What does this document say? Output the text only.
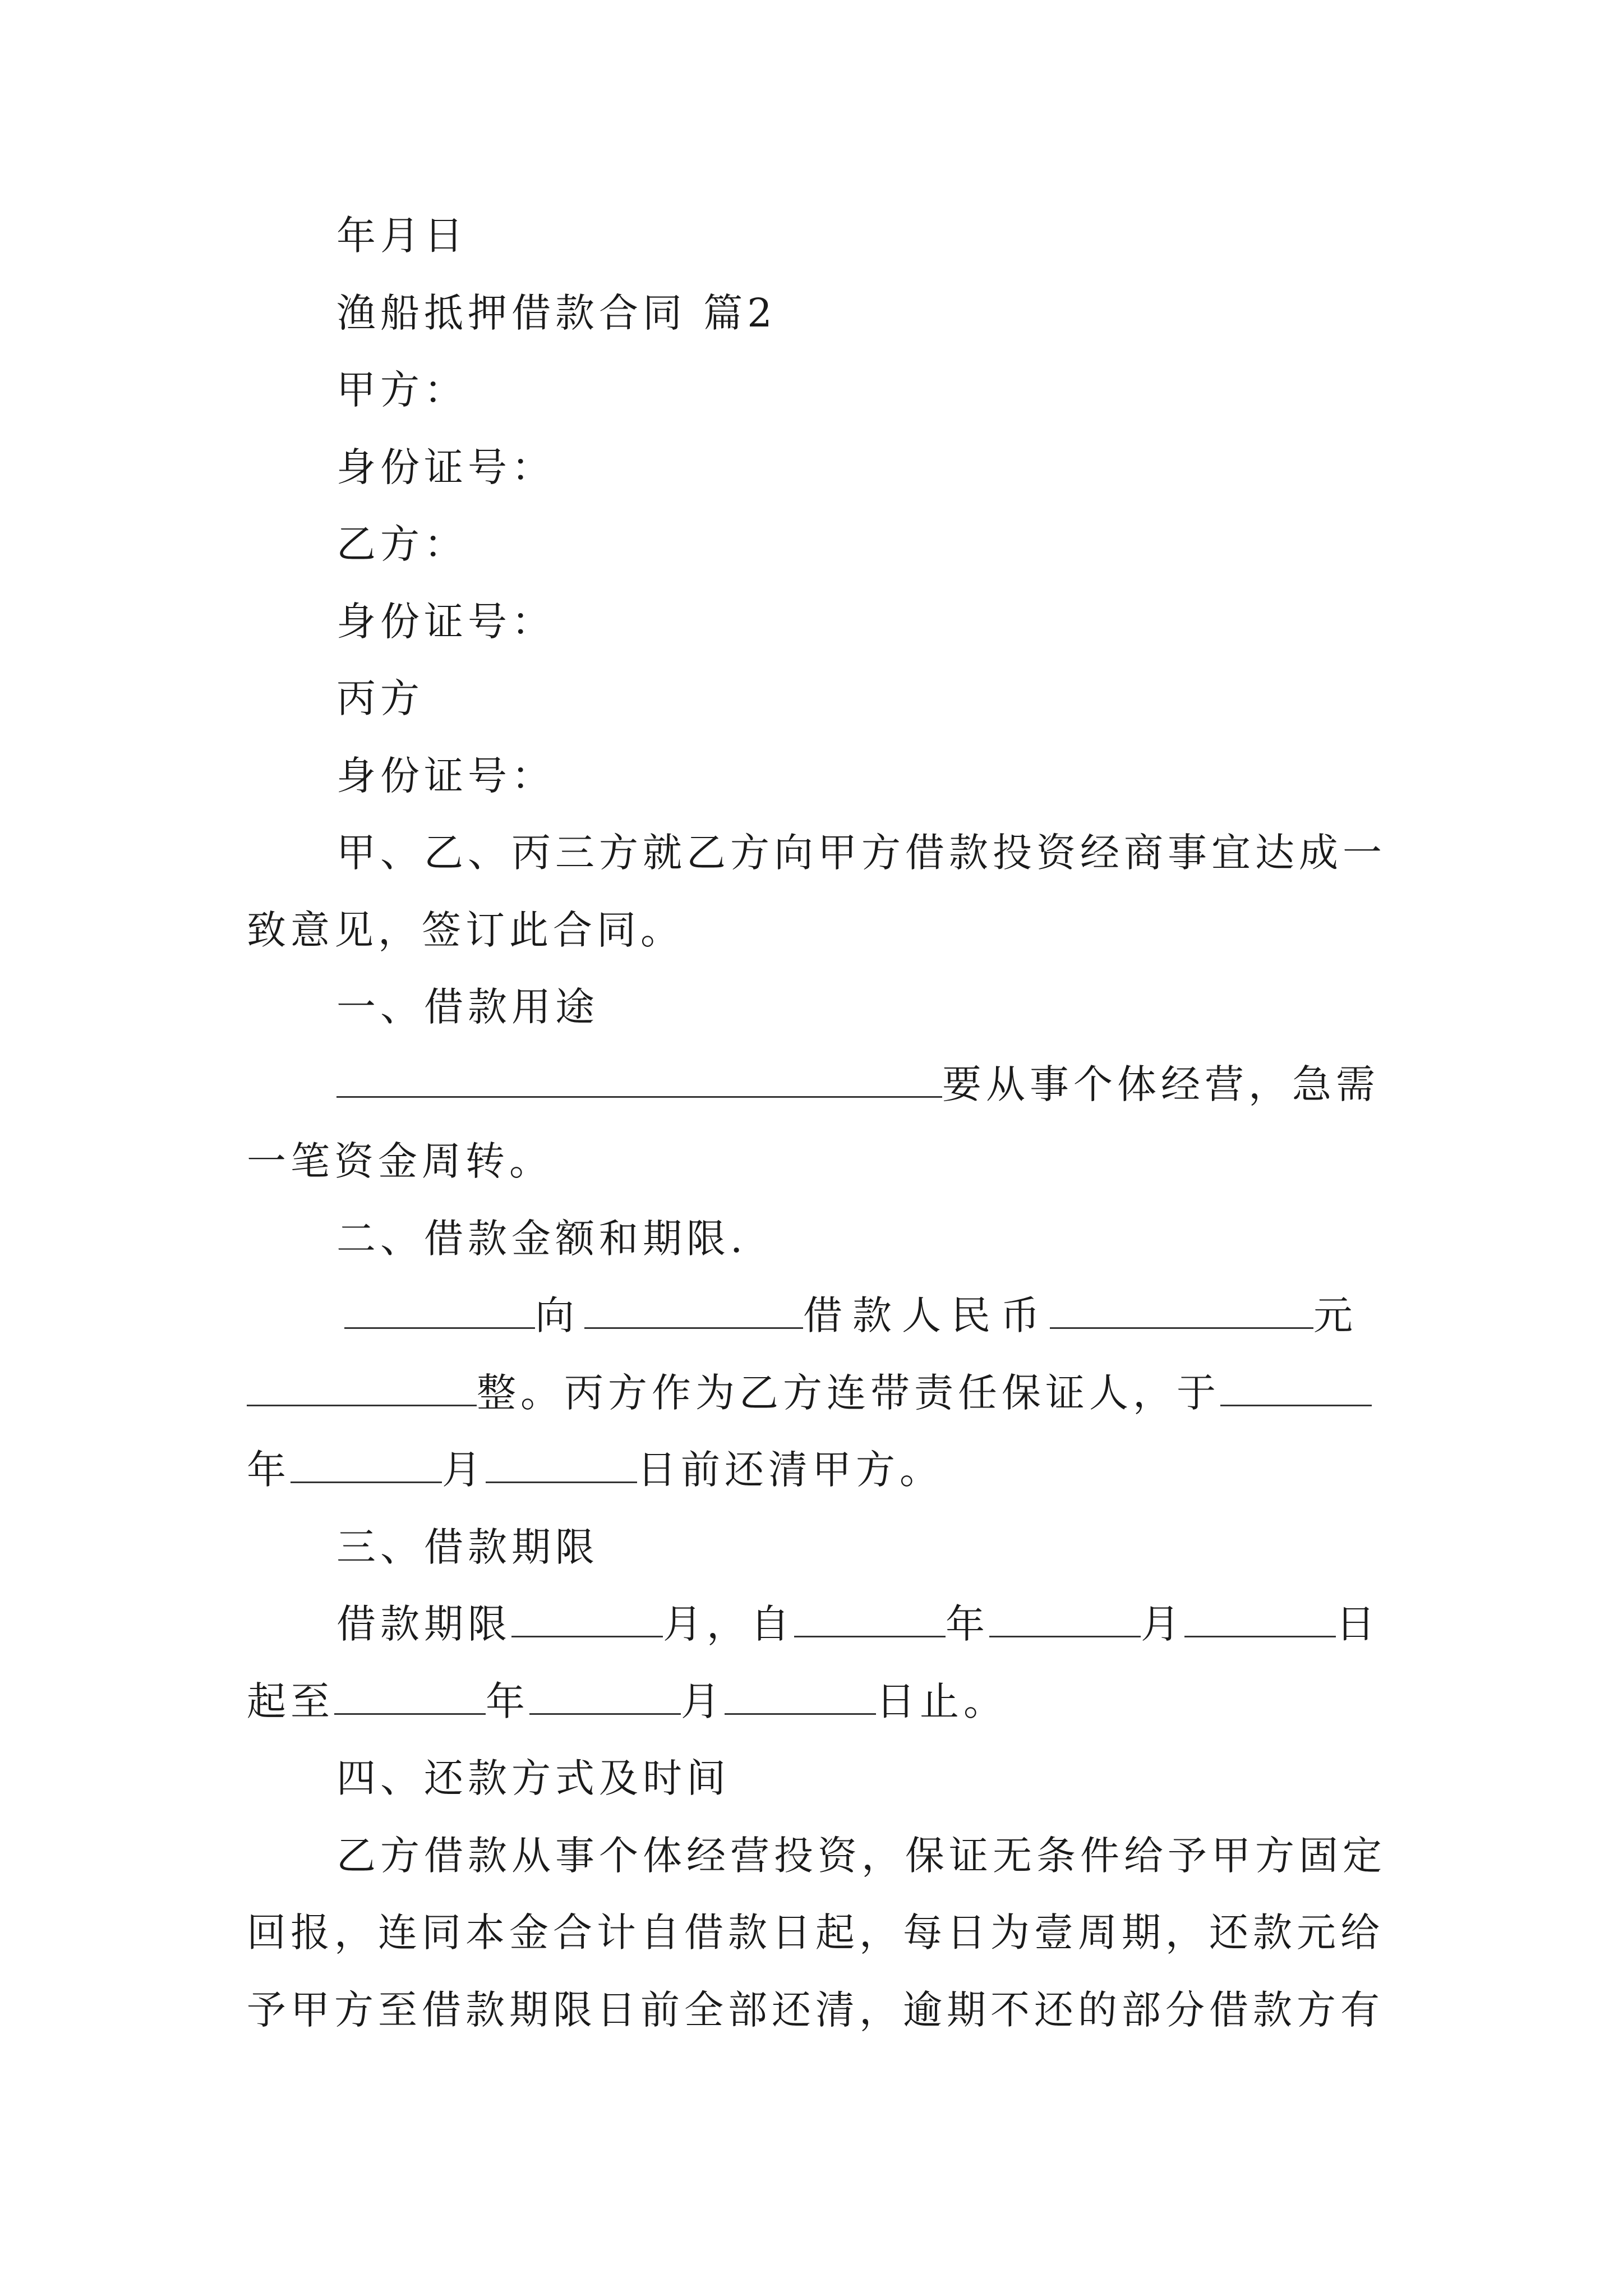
年月日
渔船抵押借款合同 篇2
甲方：
身份证号：
乙方：
身份证号：
丙方
身份证号：
甲、乙、丙三方就乙方向甲方借款投资经商事宜达成一
致意见，签订此合同。
一、借款用途
要从事个体经营，急需
一笔资金周转。
二、借款金额和期限.
向	借款人民币	元
整。丙方作为乙方连带责任保证人，于
年	月	日前还清甲方。
三、借款期限
借款期限	月，自	年	月	日
起至	年	月	日止。
四、还款方式及时间
乙方借款从事个体经营投资，保证无条件给予甲方固定
回报，连同本金合计自借款日起，每日为壹周期，还款元给
予甲方至借款期限日前全部还清，逾期不还的部分借款方有
